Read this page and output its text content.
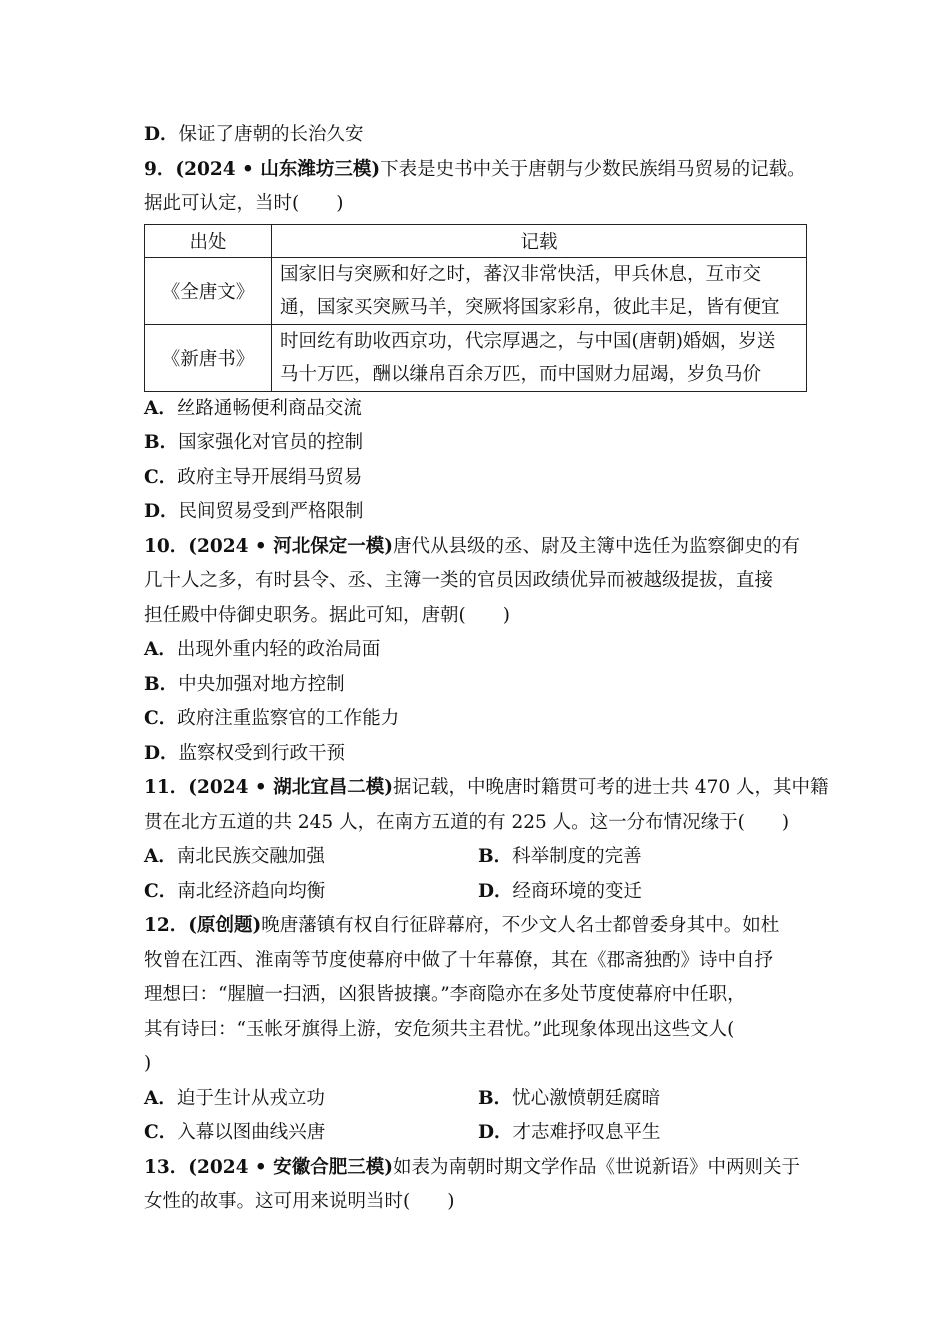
D．保证了唐朝的长治久安
9．(2024 • 山东潍坊三模)下表是史书中关于唐朝与少数民族绢马贸易的记载。
据此可认定，当时(　　)
出处	记载
《全唐文》	国家旧与突厥和好之时，蕃汉非常快活，甲兵休息，互市交
通，国家买突厥马羊，突厥将国家彩帛，彼此丰足，皆有便宜

《新唐书》	时回纥有助收西京功，代宗厚遇之，与中国(唐朝)婚姻，岁送
马十万匹，酬以缣帛百余万匹，而中国财力屈竭，岁负马价
A．丝路通畅便利商品交流
B．国家强化对官员的控制
C．政府主导开展绢马贸易
D．民间贸易受到严格限制
10．(2024 • 河北保定一模)唐代从县级的丞、尉及主簿中选任为监察御史的有
几十人之多，有时县令、丞、主簿一类的官员因政绩优异而被越级提拔，直接
担任殿中侍御史职务。据此可知，唐朝(　　)
A．出现外重内轻的政治局面
B．中央加强对地方控制
C．政府注重监察官的工作能力
D．监察权受到行政干预
11．(2024 • 湖北宜昌二模)据记载，中晚唐时籍贯可考的进士共 470 人，其中籍
贯在北方五道的共 245 人，在南方五道的有 225 人。这一分布情况缘于(　　)
A．南北民族交融加强	B．科举制度的完善
C．南北经济趋向均衡	D．经商环境的变迁
12．(原创题)晚唐藩镇有权自行征辟幕府，不少文人名士都曾委身其中。如杜
牧曾在江西、淮南等节度使幕府中做了十年幕僚，其在《郡斋独酌》诗中自抒
理想曰：“腥膻一扫洒，凶狠皆披攘。”李商隐亦在多处节度使幕府中任职，
其有诗曰：“玉帐牙旗得上游，安危须共主君忧。”此现象体现出这些文人(
)
A．迫于生计从戎立功	B．忧心激愤朝廷腐暗
C．入幕以图曲线兴唐	D．才志难抒叹息平生
13．(2024 • 安徽合肥三模)如表为南朝时期文学作品《世说新语》中两则关于
女性的故事。这可用来说明当时(　　)
